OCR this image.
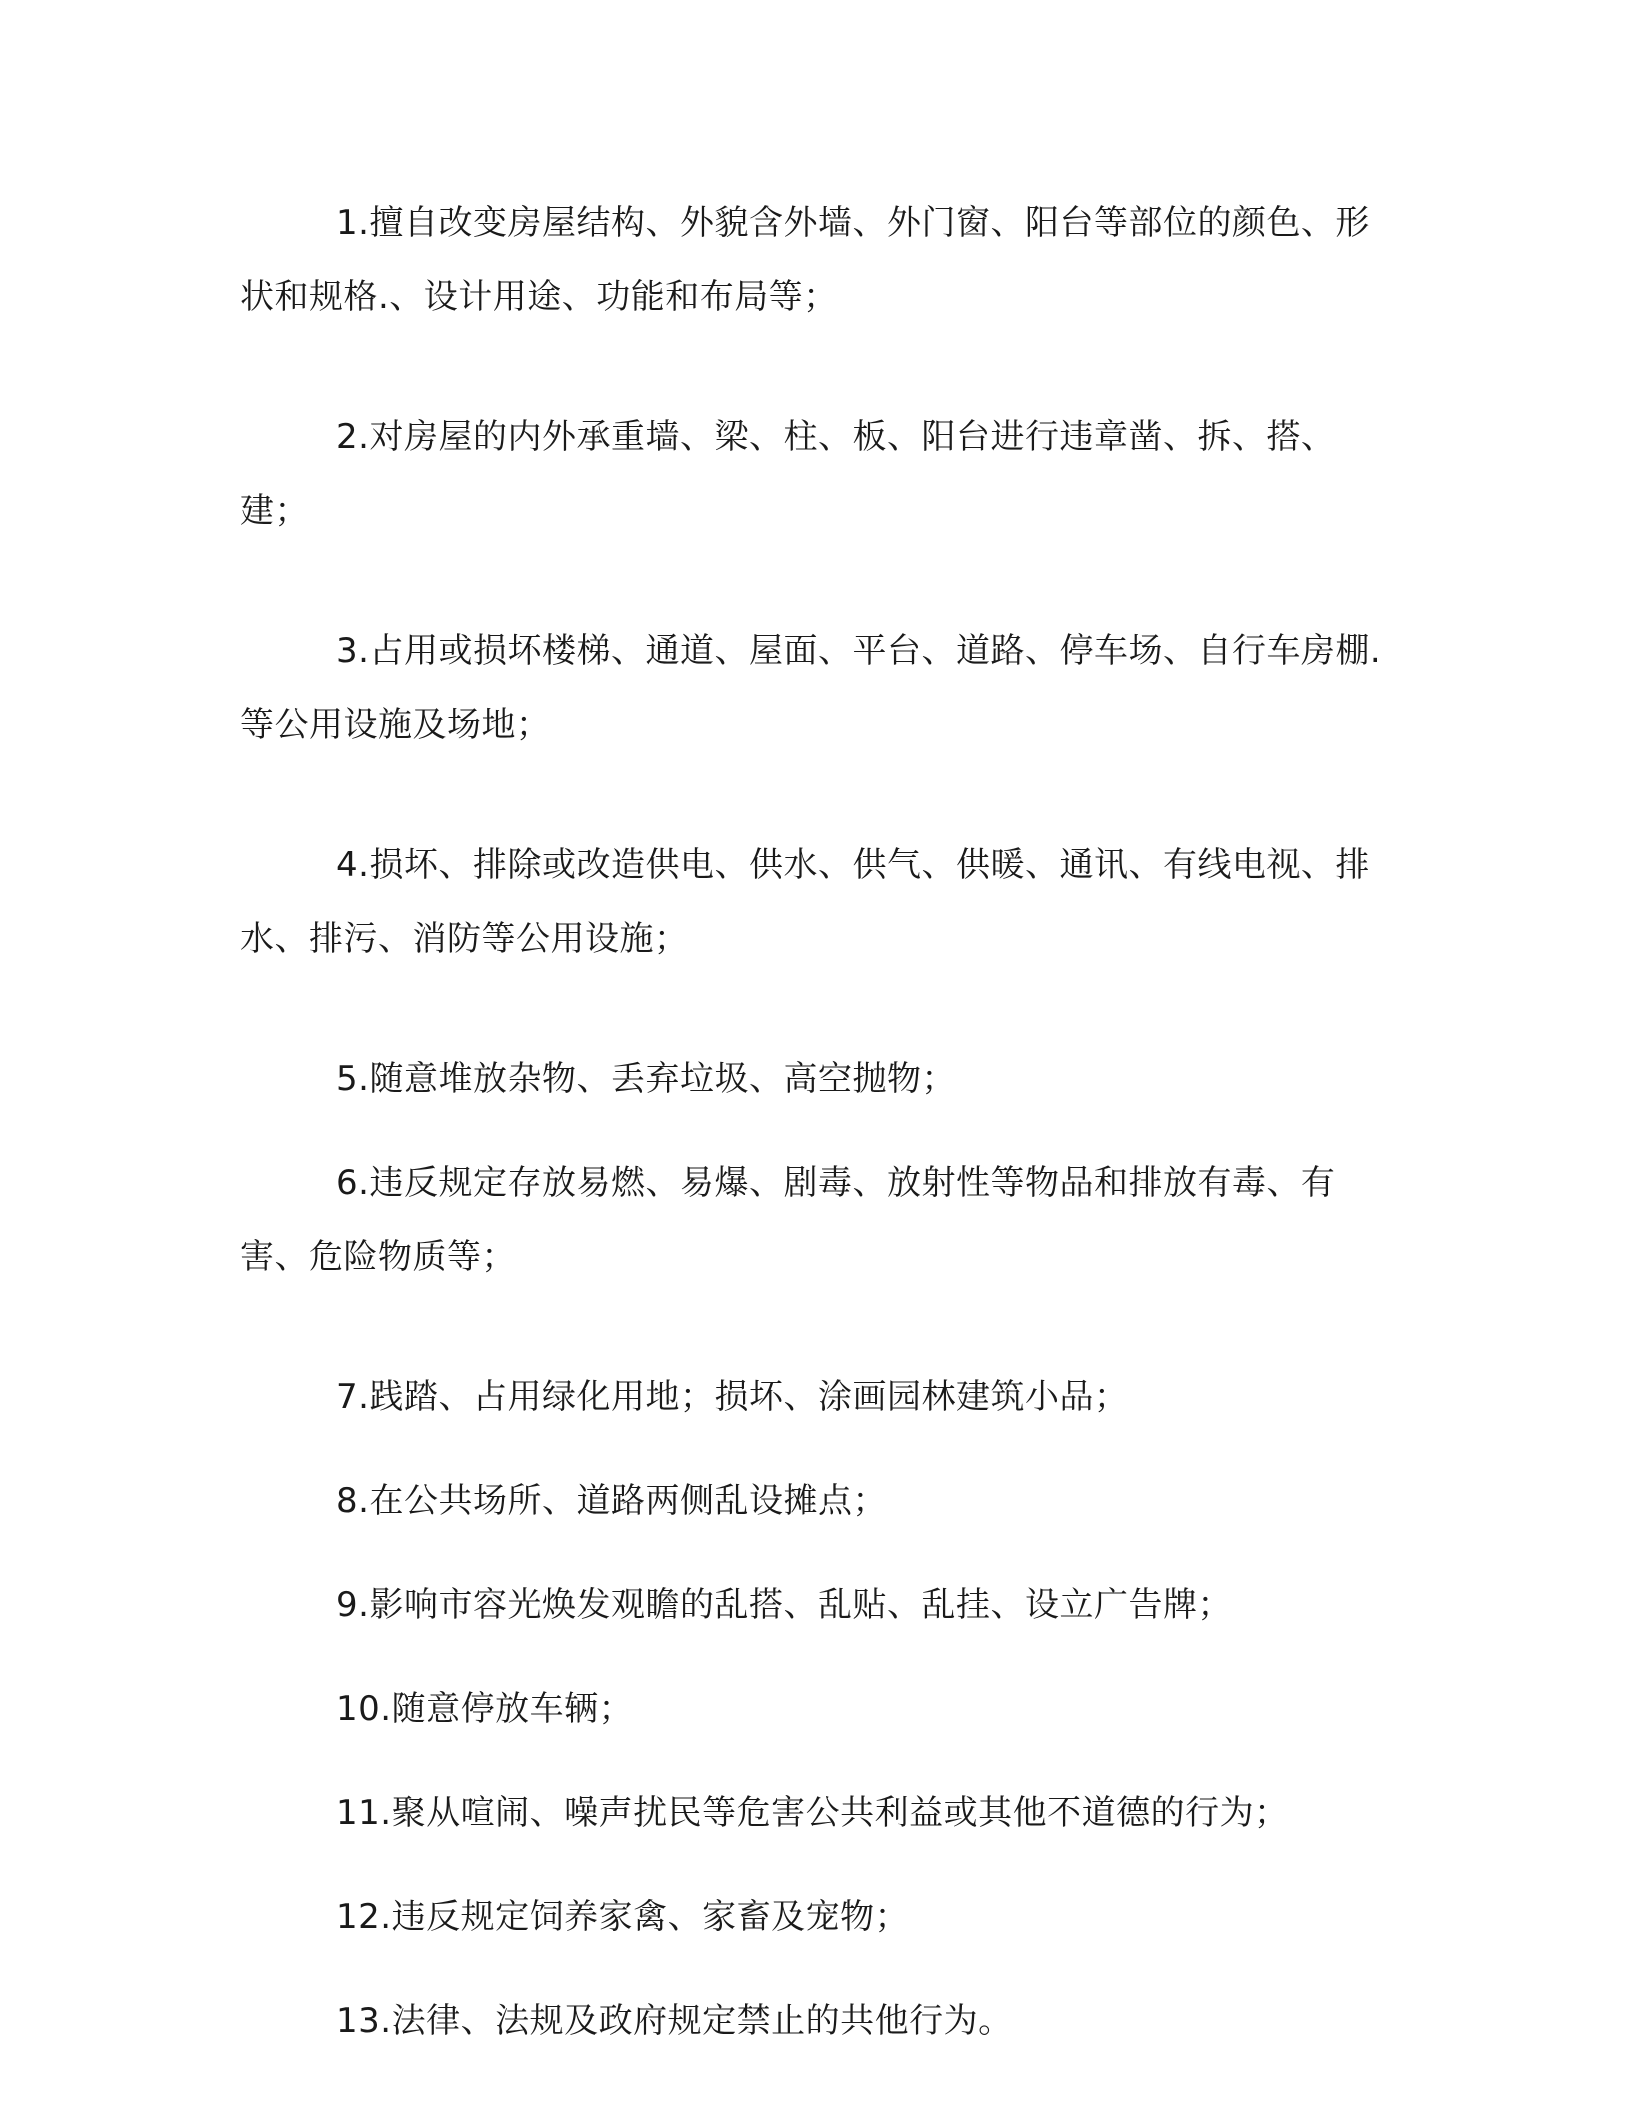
1.擅自改变房屋结构、外貌含外墙、外门窗、阳台等部位的颜色、形状和规格.、设计用途、功能和布局等；

2.对房屋的内外承重墙、梁、柱、板、阳台进行违章凿、拆、搭、建；

3.占用或损坏楼梯、通道、屋面、平台、道路、停车场、自行车房棚.等公用设施及场地；

4.损坏、排除或改造供电、供水、供气、供暖、通讯、有线电视、排水、排污、消防等公用设施；

5.随意堆放杂物、丢弃垃圾、高空抛物；

6.违反规定存放易燃、易爆、剧毒、放射性等物品和排放有毒、有害、危险物质等；

7.践踏、占用绿化用地；损坏、涂画园林建筑小品；

8.在公共场所、道路两侧乱设摊点；

9.影响市容光焕发观瞻的乱搭、乱贴、乱挂、设立广告牌；

10.随意停放车辆；

11.聚从喧闹、噪声扰民等危害公共利益或其他不道德的行为；

12.违反规定饲养家禽、家畜及宠物；

13.法律、法规及政府规定禁止的共他行为。
